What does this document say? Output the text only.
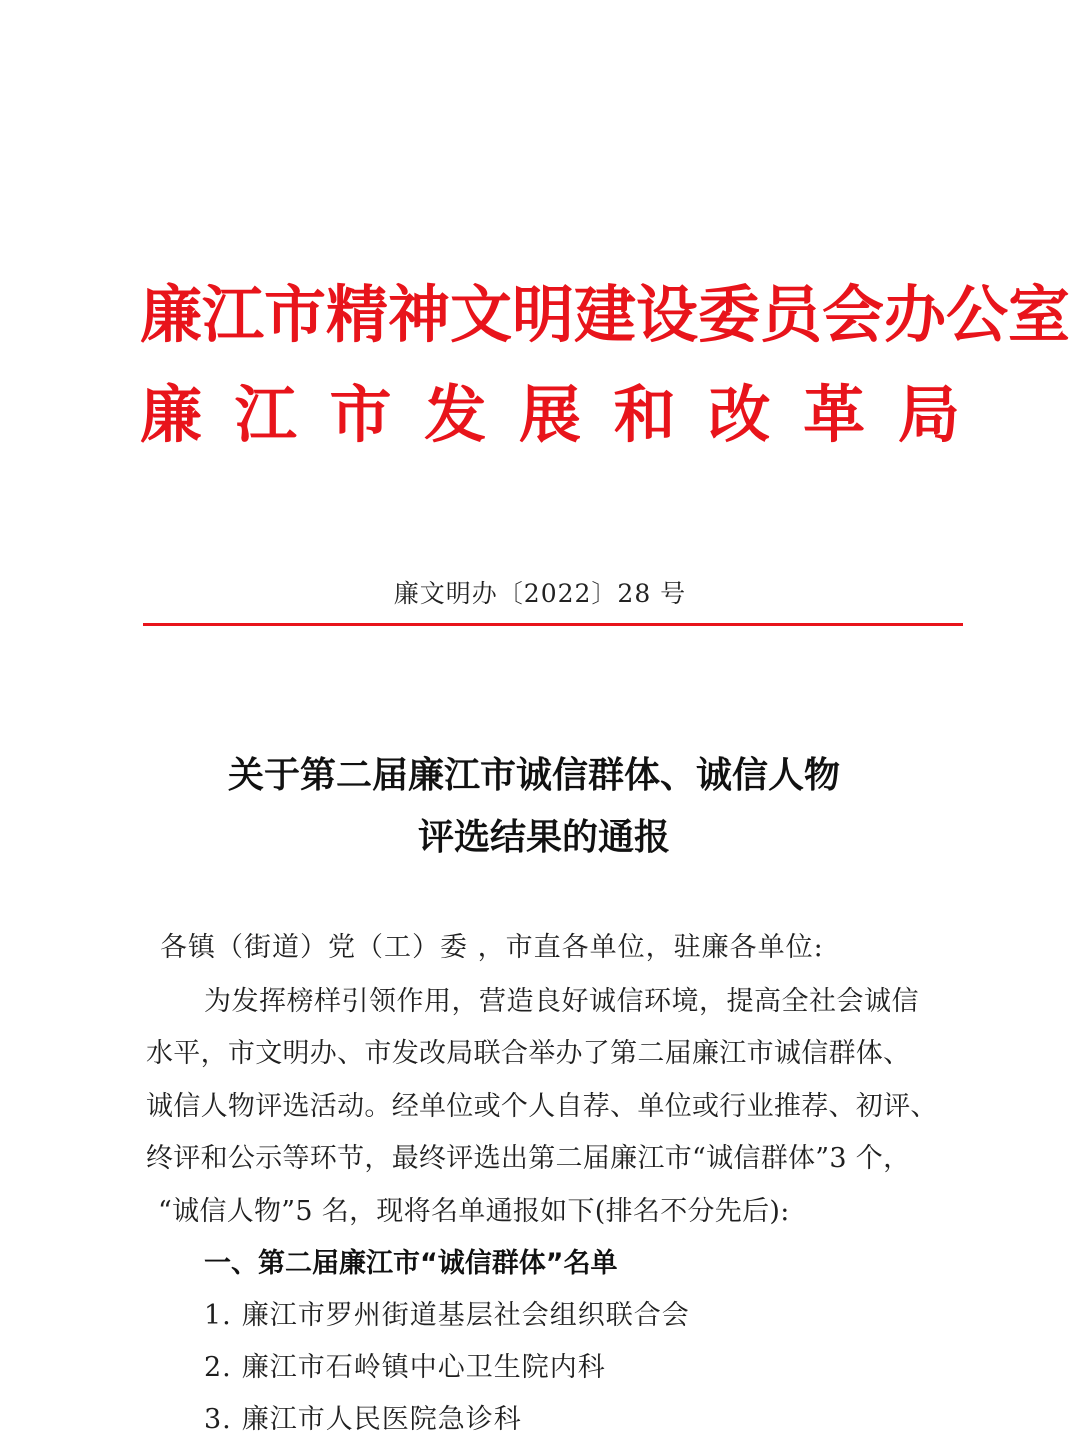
廉江市精神文明建设委员会办公室
廉 江 市 发 展 和 改 革 局
廉文明办〔2022〕28 号
关于第二届廉江市诚信群体、诚信人物
评选结果的通报
各镇（街道）党（工）委 ，市直各单位，驻廉各单位:
为发挥榜样引领作用，营造良好诚信环境，提高全社会诚信
水平，市文明办、市发改局联合举办了第二届廉江市诚信群体、
诚信人物评选活动。经单位或个人自荐、单位或行业推荐、初评、
终评和公示等环节，最终评选出第二届廉江市“诚信群体”3 个，
“诚信人物”5 名，现将名单通报如下(排名不分先后):
一、第二届廉江市“诚信群体”名单
1. 廉江市罗州街道基层社会组织联合会
2. 廉江市石岭镇中心卫生院内科
3. 廉江市人民医院急诊科
